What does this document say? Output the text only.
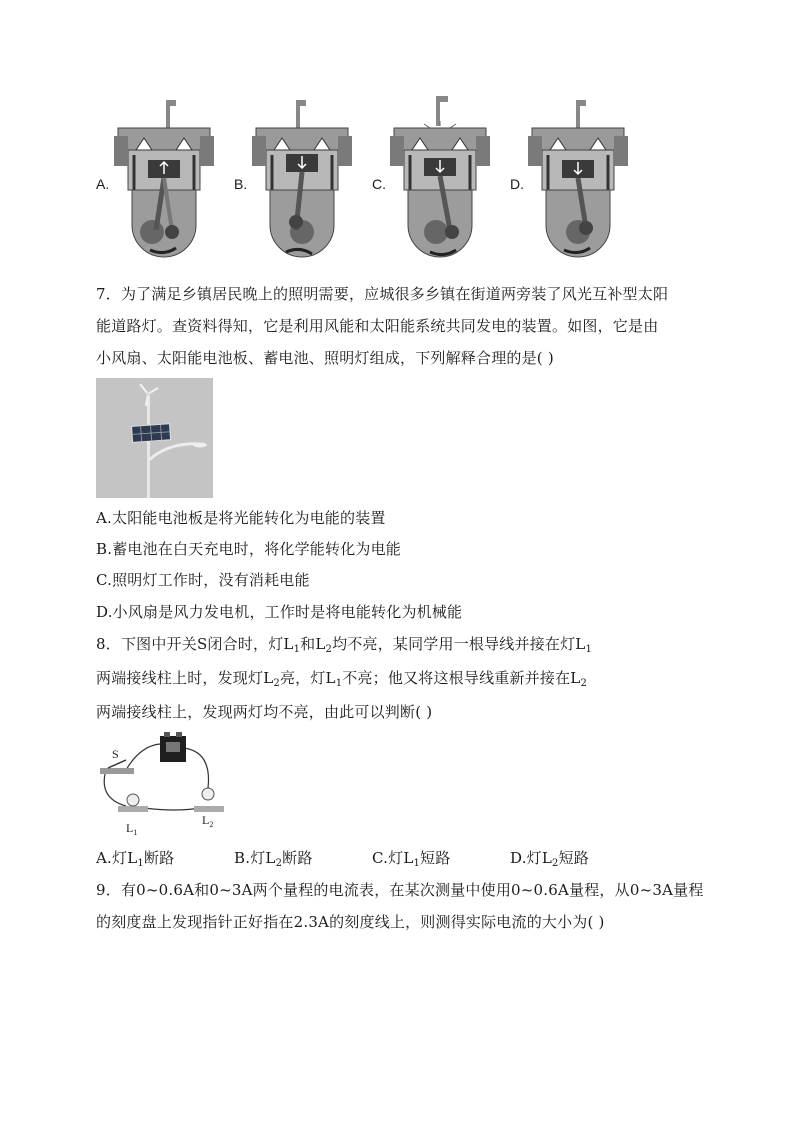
A.	B.	C.	D.
7．为了满足乡镇居民晚上的照明需要，应城很多乡镇在街道两旁装了风光互补型太阳
能道路灯。查资料得知，它是利用风能和太阳能系统共同发电的装置。如图，它是由
小风扇、太阳能电池板、蓄电池、照明灯组成，下列解释合理的是( )
A.太阳能电池板是将光能转化为电能的装置
B.蓄电池在白天充电时，将化学能转化为电能
C.照明灯工作时，没有消耗电能
D.小风扇是风力发电机，工作时是将电能转化为机械能
8．下图中开关S闭合时，灯$L_1$和$L_2$均不亮，某同学用一根导线并接在灯$L_1$
两端接线柱上时，发现灯$L_2$亮，灯$L_1$不亮；他又将这根导线重新并接在$L_2$
两端接线柱上，发现两灯均不亮，由此可以判断( )
S
$L_1$
$L_2$
A.灯$L_1$断路	B.灯$L_2$断路	C.灯$L_1$短路	D.灯$L_2$短路
9．有0~0.6A和0~3A两个量程的电流表，在某次测量中使用0~0.6A量程，从0~3A量程
的刻度盘上发现指针正好指在2.3A的刻度线上，则测得实际电流的大小为( )
